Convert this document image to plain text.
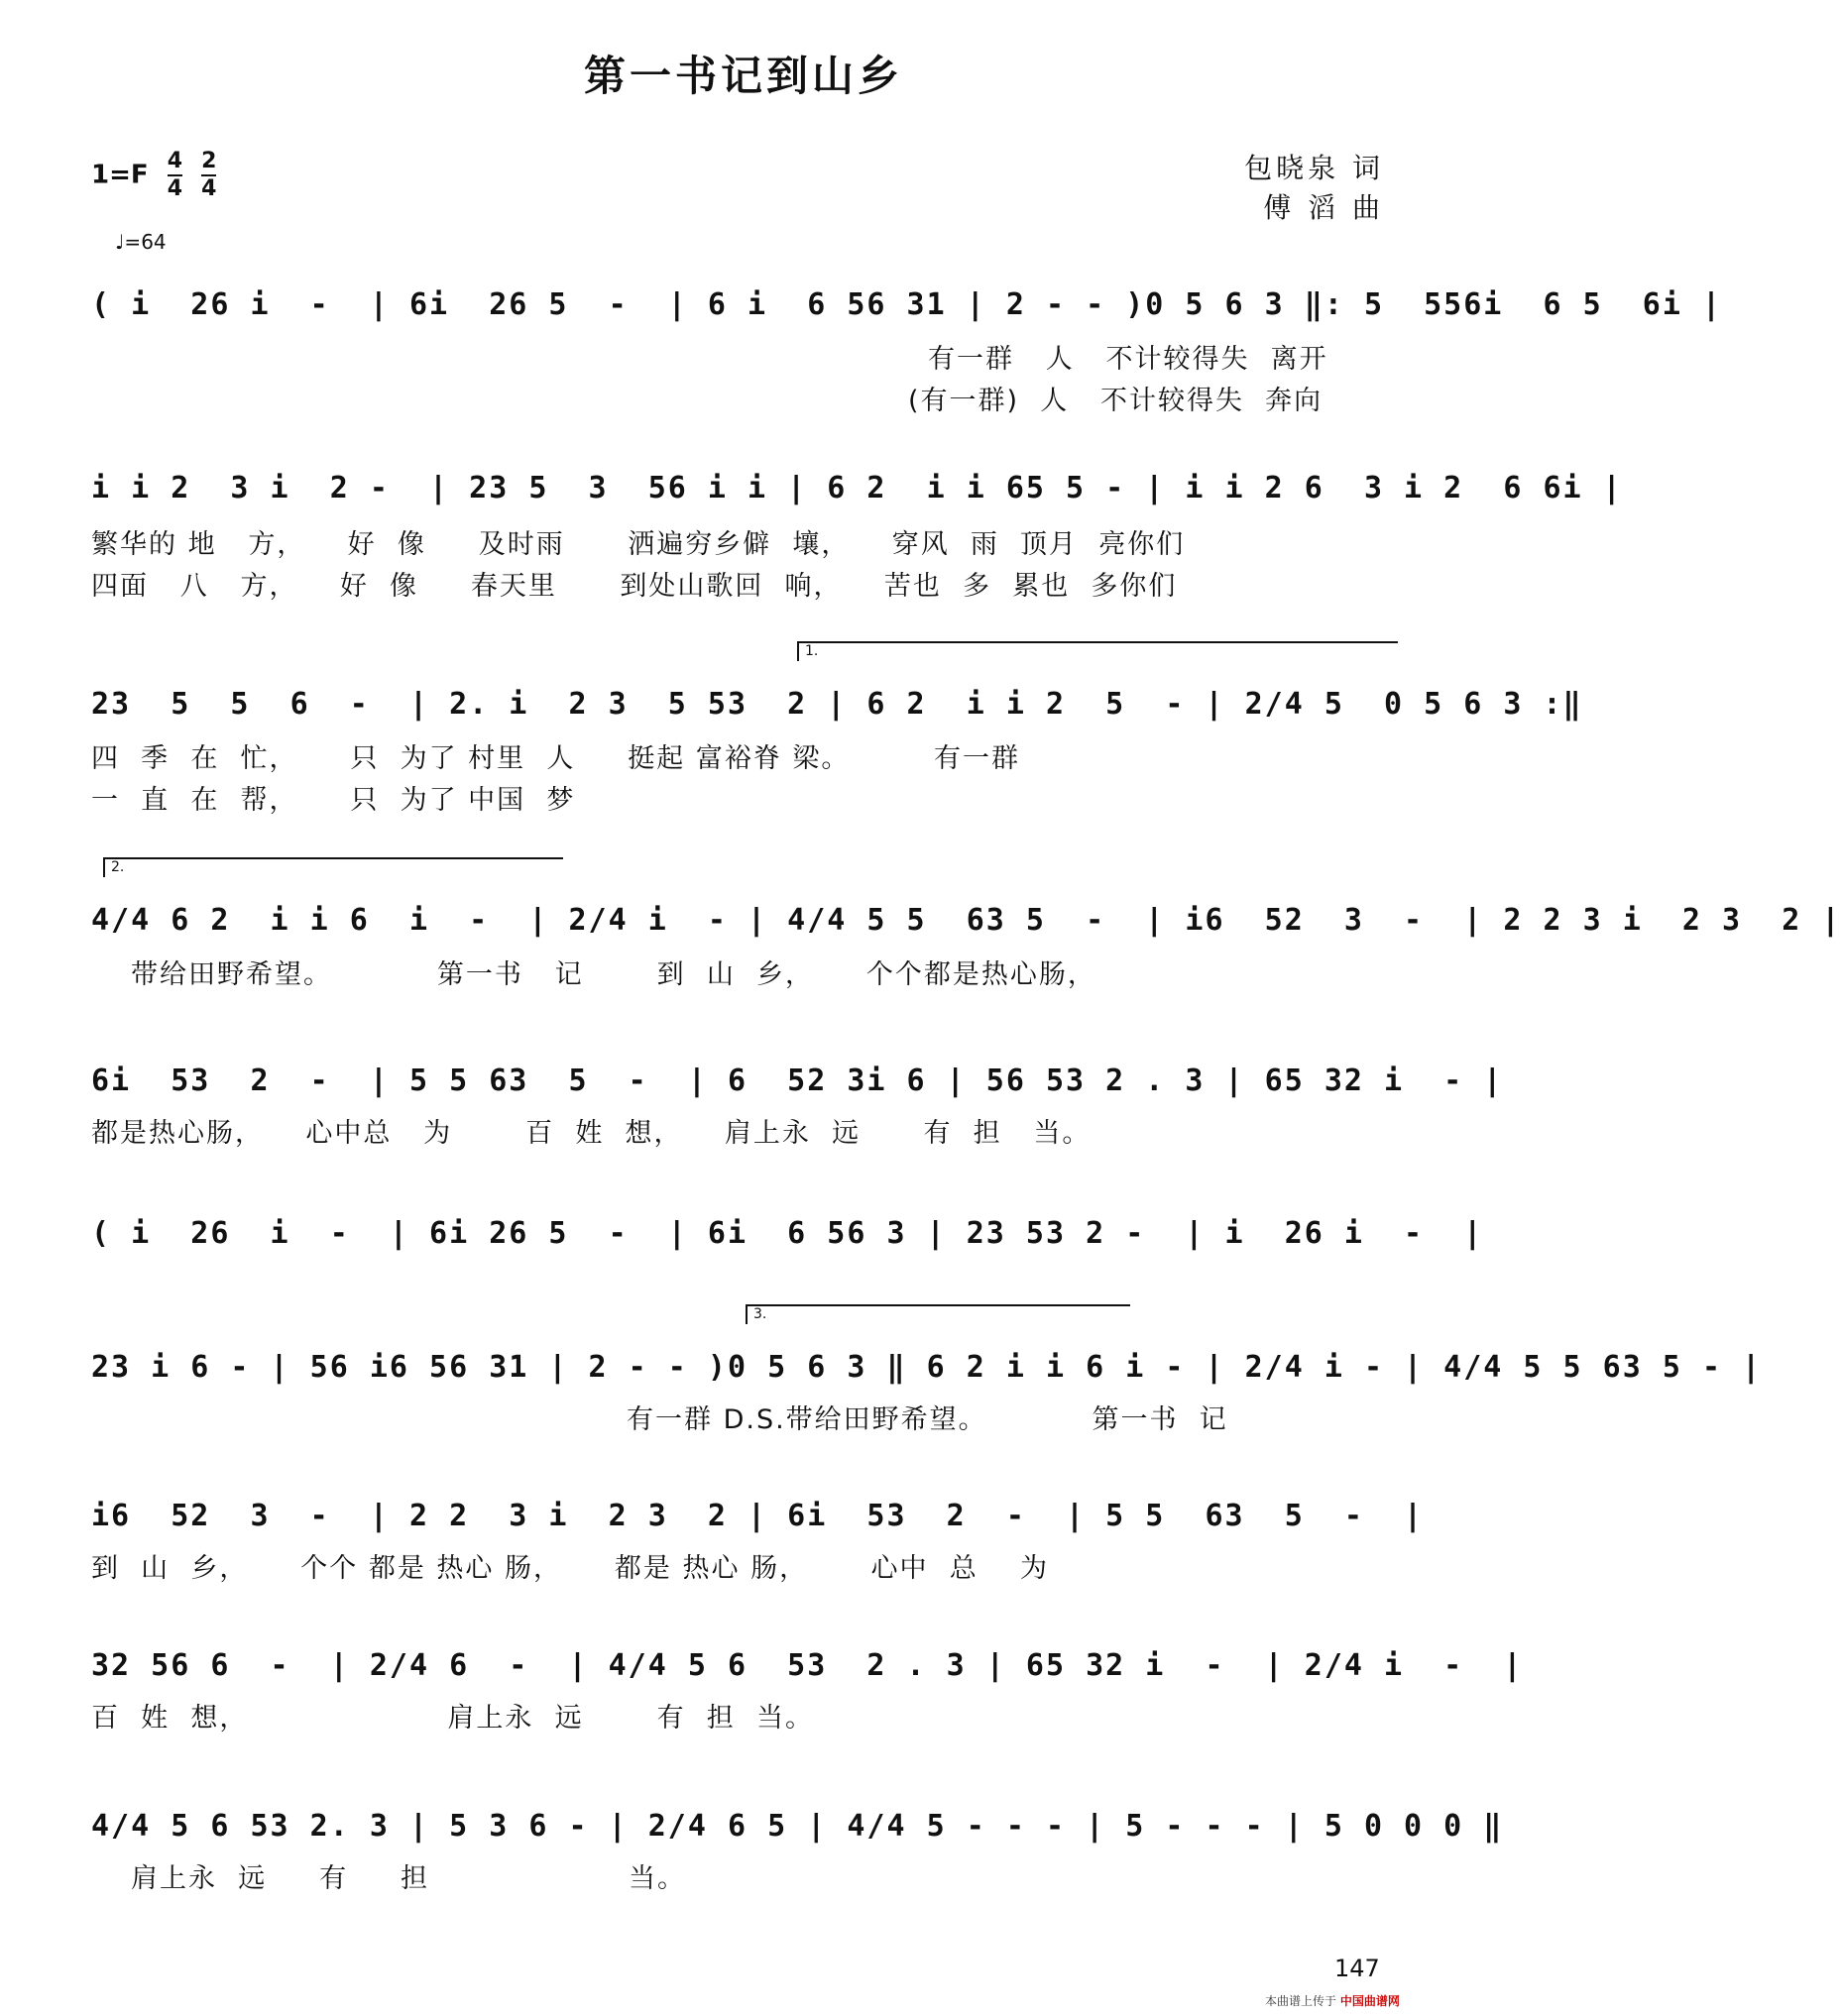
第一书记到山乡
$1=F \frac{4}{4}$
$\frac{2}{4}$
♩=64
包晓泉 词
傅 滔 曲
( i  26 i  -  | 6i  26 5  -  | 6 i  6 56 31 | 2 - - )0 5 6 3 ‖: 5  556i  6 5  6i |
有一群   人   不计较得失  离开
(有一群)  人   不计较得失  奔向
i i 2  3 i  2 -  | 23 5  3  56 i i | 6 2  i i 65 5 - | i i 2 6  3 i 2  6 6i |
繁华的 地   方，    好  像     及时雨      洒遍穷乡僻  壤，    穿风  雨  顶月  亮你们
四面   八   方，    好  像     春天里      到处山歌回  响，    苦也  多  累也  多你们
1.
23  5  5  6  -  | 2. i  2 3  5 53  2 | 6 2  i i 2  5  - | 2/4 5  0 5 6 3 :‖
四  季  在  忙，     只  为了 村里  人     挺起 富裕脊 梁。        有一群
一  直  在  帮，     只  为了 中国  梦
2.
4/4 6 2  i i 6  i  -  | 2/4 i  - | 4/4 5 5  63 5  -  | i6  52  3  -  | 2 2 3 i  2 3  2 |
带给田野希望。          第一书   记       到  山  乡，     个个都是热心肠，
6i  53  2  -  | 5 5 63  5  -  | 6  52 3i 6 | 56 53 2 . 3 | 65 32 i  - |
都是热心肠，    心中总   为       百  姓  想，    肩上永  远      有  担   当。
( i  26  i  -  | 6i 26 5  -  | 6i  6 56 3 | 23 53 2 -  | i  26 i  -  |
3.
23 i 6 - | 56 i6 56 31 | 2 - - )0 5 6 3 ‖ 6 2 i i 6 i - | 2/4 i - | 4/4 5 5 63 5 - |
有一群 D.S.带给田野希望。          第一书  记
i6  52  3  -  | 2 2  3 i  2 3  2 | 6i  53  2  -  | 5 5  63  5  -  |
到  山  乡，     个个 都是 热心 肠，     都是 热心 肠，      心中  总    为
32 56 6  -  | 2/4 6  -  | 4/4 5 6  53  2 . 3 | 65 32 i  -  | 2/4 i  -  |
百  姓  想，                   肩上永  远       有  担  当。
4/4 5 6 53 2. 3 | 5 3 6 - | 2/4 6 5 | 4/4 5 - - - | 5 - - - | 5 0 0 0 ‖
肩上永  远     有     担                   当。
147
本曲谱上传于 中国曲谱网
